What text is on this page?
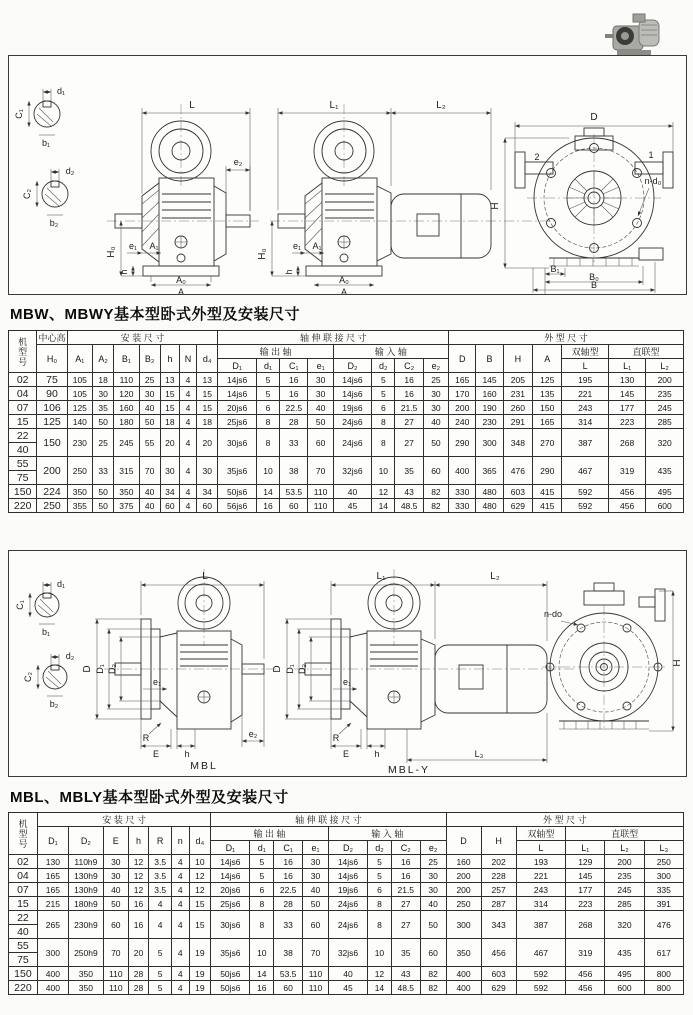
d₁
C₁
b₁
d₂
C₂
b₂
L
e₂
H₀
e₁ A₁
h
A₀
A
L₁	L₂
H₀
e₁ A₁
h
A₀
A
2	1
D
H
n-d₀
B₁
B₀
B
MBW、MBWY基本型卧式外型及安装尺寸
机型号	中心高	安 装 尺 寸							轴 伸 联 接 尺 寸								外 型 尺 寸						
	H₀	A₁	A₂	B₁	B₂	h	N	d₄	输 出 轴				输 入 轴				D	B	H	A	双轴型	直联型	
									D₁	d₁	C₁	e₁	D₂	d₂	C₂	e₂					L	L₁	L₂
02	75	105	18	110	25	13	4	13	14js6	5	16	30	14js6	5	16	25	165	145	205	125	195	130	200
04	90	105	30	120	30	15	4	15	14js6	5	16	30	14js6	5	16	30	170	160	231	135	221	145	235
07	106	125	35	160	40	15	4	15	20js6	6	22.5	40	19js6	6	21.5	30	200	190	260	150	243	177	245
15	125	140	50	180	50	18	4	18	25js6	8	28	50	24js6	8	27	40	240	230	291	165	314	223	285
22	150	230	25	245	55	20	4	20	30js6	8	33	60	24js6	8	27	50	290	300	348	270	387	268	320
40																							
55	200	250	33	315	70	30	4	30	35js6	10	38	70	32js6	10	35	60	400	365	476	290	467	319	435
75																							
150	224	350	50	350	40	34	4	34	50js6	14	53.5	110	40	12	43	82	330	480	603	415	592	456	495
220	250	355	50	375	40	60	4	60	56js6	16	60	110	45	14	48.5	82	330	480	629	415	592	456	600
d₁
C₁
b₁
d₂
C₂
b₂
D D₁ D₂
L
e₁
R
E	h
e₂
MBL
D D₁ D₂
L₁	L₂
e₁
R
E	h	L₃
MBL-Y
n-do
H
MBL、MBLY基本型卧式外型及安装尺寸
机型号	安 装 尺 寸							轴 伸 联 接 尺 寸								外 型 尺 寸					
	D₁	D₂	E	h	R	n	d₄	输 出 轴				输 入 轴				D	H	双轴型	直联型		
								D₁	d₁	C₁	e₁	D₂	d₂	C₂	e₂			L	L₁	L₂	L₃
02	130	110h9	30	12	3.5	4	10	14js6	5	16	30	14js6	5	16	25	160	202	193	129	200	250
04	165	130h9	30	12	3.5	4	12	14js6	5	16	30	14js6	5	16	30	200	228	221	145	235	300
07	165	130h9	40	12	3.5	4	12	20js6	6	22.5	40	19js6	6	21.5	30	200	257	243	177	245	335
15	215	180h9	50	16	4	4	15	25js6	8	28	50	24js6	8	27	40	250	287	314	223	285	391
22	265	230h9	60	16	4	4	15	30js6	8	33	60	24js6	8	27	50	300	343	387	268	320	476
40																					
55	300	250h9	70	20	5	4	19	35js6	10	38	70	32js6	10	35	60	350	456	467	319	435	617
75																					
150	400	350	110	28	5	4	19	50js6	14	53.5	110	40	12	43	82	400	603	592	456	495	800
220	400	350	110	28	5	4	19	50js6	16	60	110	45	14	48.5	82	400	629	592	456	600	800
